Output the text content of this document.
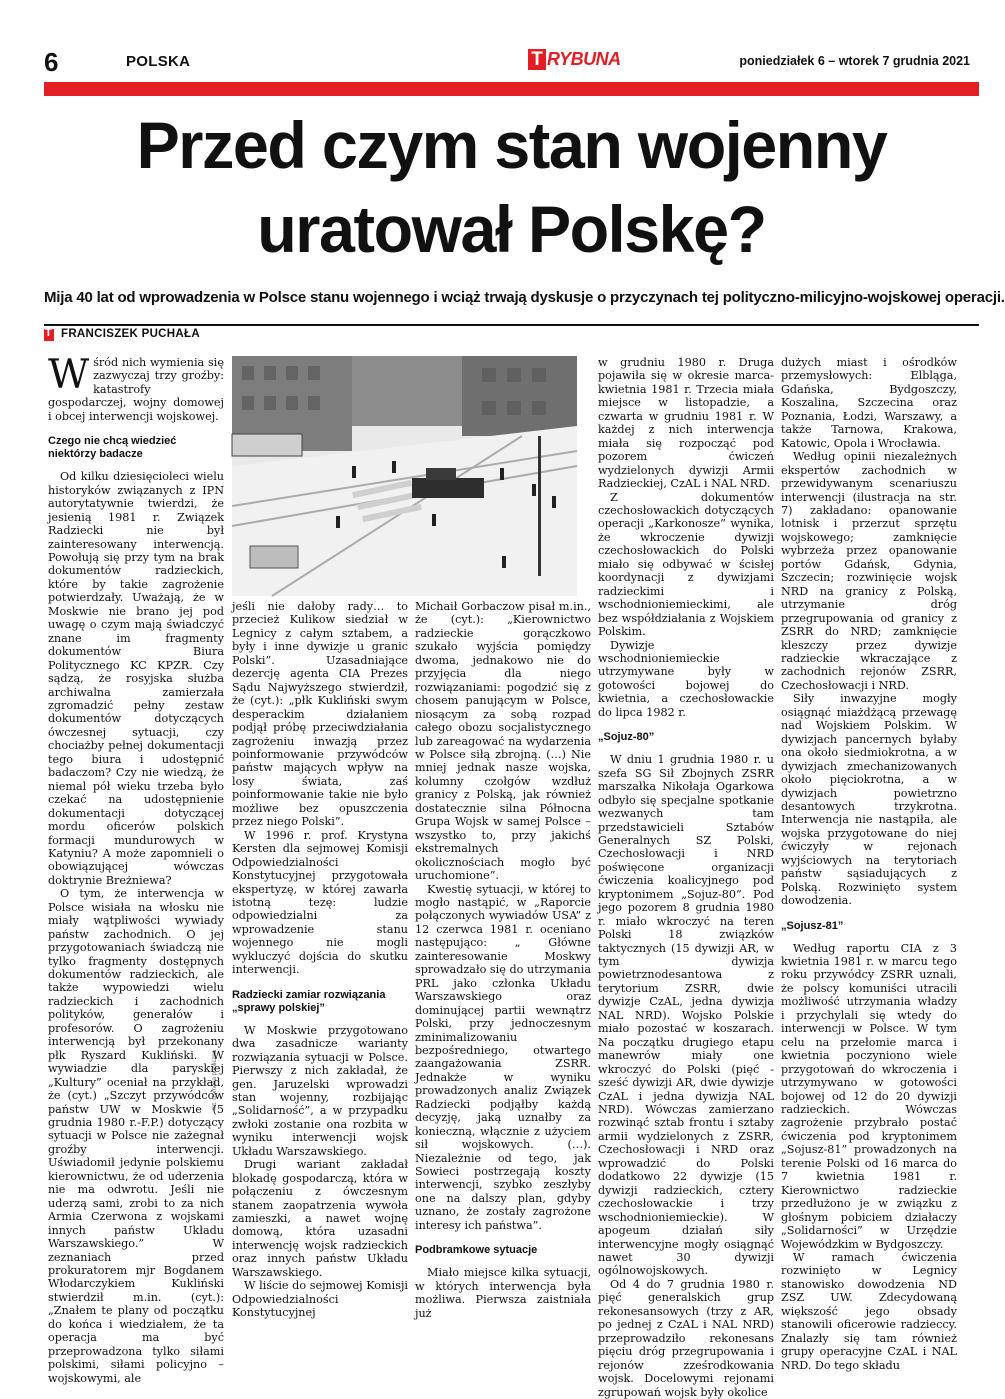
6	POLSKA	T RYBUNA	poniedziałek 6 – wtorek 7 grudnia 2021
Przed czym stan wojenny
uratował Polskę?
Mija 40 lat od wprowadzenia w Polsce stanu wojennego i wciąż trwają dyskusje o przyczynach tej polityczno-milicyjno-wojskowej operacji.
T
FRANCISZEK PUCHAŁA
fot. Domena publiczna

Wśród nich wymienia się zazwyczaj trzy groźby: katastrofy gospodarczej, wojny domowej i obcej interwencji wojskowej.

Czego nie chcą wiedzieć niektórzy badacze

Od kilku dziesięcioleci wielu historyków związanych z IPN autorytatywnie twierdzi, że jesienią 1981 r. Związek Radziecki nie był zainteresowany interwencją. Powołują się przy tym na brak dokumentów radzieckich, które by takie zagrożenie potwierdzały. Uważają, że w Moskwie nie brano jej pod uwagę o czym mają świadczyć znane im fragmenty dokumentów Biura Politycznego KC KPZR. Czy sądzą, że rosyjska służba archiwalna zamierzała zgromadzić pełny zestaw dokumentów dotyczących ówczesnej sytuacji, czy chociażby pełnej dokumentacji tego biura i udostępnić badaczom? Czy nie wiedzą, że niemal pół wieku trzeba było czekać na udostępnienie dokumentacji dotyczącej mordu oficerów polskich formacji mundurowych w Katyniu? A może zapomnieli o obowiązującej wówczas doktrynie Breżniewa?

O tym, że interwencja w Polsce wisiała na włosku nie miały wątpliwości wywiady państw zachodnich. O jej przygotowaniach świadczą nie tylko fragmenty dostępnych dokumentów radzieckich, ale także wypowiedzi wielu radzieckich i zachodnich polityków, generałów i profesorów. O zagrożeniu interwencją był przekonany płk Ryszard Kukliński. W wywiadzie dla paryskiej „Kultury” oceniał na przykład, że (cyt.) „Szczyt przywódców państw UW w Moskwie (5 grudnia 1980 r.-F.P.) dotyczący sytuacji w Polsce nie zażegnał groźby interwencji. Uświadomił jedynie polskiemu kierownictwu, że od uderzenia nie ma odwrotu. Jeśli nie uderzą sami, zrobi to za nich Armia Czerwona z wojskami innych państw Układu Warszawskiego.” W zeznaniach przed prokuratorem mjr Bogdanem Włodarczykiem Kukliński stwierdził m.in. (cyt.): „Znałem te plany od początku do końca i wiedziałem, że ta operacja ma być przeprowadzona tylko siłami polskimi, siłami policyjno – wojskowymi, ale

jeśli nie dałoby rady… to przecież Kulikow siedział w Legnicy z całym sztabem, a były i inne dywizje u granic Polski”. Uzasadniające dezercję agenta CIA Prezes Sądu Najwyższego stwierdził, że (cyt.): „płk Kukliński swym desperackim działaniem podjął próbę przeciwdziałania zagrożeniu inwazją przez poinformowanie przywódców państw mających wpływ na losy świata, zaś poinformowanie takie nie było możliwe bez opuszczenia przez niego Polski”.

W 1996 r. prof. Krystyna Kersten dla sejmowej Komisji Odpowiedzialności Konstytucyjnej przygotowała ekspertyzę, w której zawarła istotną tezę: ludzie odpowiedzialni za wprowadzenie stanu wojennego nie mogli wykluczyć dojścia do skutku interwencji.

Radziecki zamiar rozwiązania „sprawy polskiej”

W Moskwie przygotowano dwa zasadnicze warianty rozwiązania sytuacji w Polsce. Pierwszy z nich zakładał, że gen. Jaruzelski wprowadzi stan wojenny, rozbijając „Solidarność”, a w przypadku zwłoki zostanie ona rozbita w wyniku interwencji wojsk Układu Warszawskiego.

Drugi wariant zakładał blokadę gospodarczą, która w połączeniu z ówczesnym stanem zaopatrzenia wywoła zamieszki, a nawet wojnę domową, która uzasadni interwencję wojsk radzieckich oraz innych państw Układu Warszawskiego.

W liście do sejmowej Komisji Odpowiedzialności Konstytucyjnej

Michaił Gorbaczow pisał m.in., że (cyt.): „Kierownictwo radzieckie gorączkowo szukało wyjścia pomiędzy dwoma, jednakowo nie do przyjęcia dla niego rozwiązaniami: pogodzić się z chosem panującym w Polsce, niosącym za sobą rozpad całego obozu socjalistycznego lub zareagować na wydarzenia w Polsce siłą zbrojną. (…) Nie mniej jednak nasze wojska, kolumny czołgów wzdłuż granicy z Polską, jak również dostatecznie silna Północna Grupa Wojsk w samej Polsce – wszystko to, przy jakichś ekstremalnych okolicznościach mogło być uruchomione”.

Kwestię sytuacji, w której to mogło nastąpić, w „Raporcie połączonych wywiadów USA” z 12 czerwca 1981 r. oceniano następująco: „ Główne zainteresowanie Moskwy sprowadzało się do utrzymania PRL jako członka Układu Warszawskiego oraz dominującej partii wewnątrz Polski, przy jednoczesnym zminimalizowaniu bezpośredniego, otwartego zaangażowania ZSRR. Jednakże w wyniku prowadzonych analiz Związek Radziecki podjąłby każdą decyzję, jaką uznałby za konieczną, włącznie z użyciem sił wojskowych. (…). Niezależnie od tego, jak Sowieci postrzegają koszty interwencji, szybko zeszłyby one na dalszy plan, gdyby uznano, że zostały zagrożone interesy ich państwa”.

Podbramkowe sytuacje

Miało miejsce kilka sytuacji, w których interwencja była możliwa. Pierwsza zaistniała już

w grudniu 1980 r. Druga pojawiła się w okresie marca-kwietnia 1981 r. Trzecia miała miejsce w listopadzie, a czwarta w grudniu 1981 r. W każdej z nich interwencja miała się rozpocząć pod pozorem ćwiczeń wydzielonych dywizji Armii Radzieckiej, CzAL i NAL NRD.

Z dokumentów czechosłowackich dotyczących operacji „Karkonosze” wynika, że wkroczenie dywizji czechosłowackich do Polski miało się odbywać w ścisłej koordynacji z dywizjami radzieckimi i wschodnioniemieckimi, ale bez współdziałania z Wojskiem Polskim.

Dywizje wschodnioniemieckie utrzymywane były w gotowości bojowej do kwietnia, a czechosłowackie do lipca 1982 r.

„Sojuz-80”

W dniu 1 grudnia 1980 r. u szefa SG Sił Zbojnych ZSRR marszałka Nikołaja Ogarkowa odbyło się specjalne spotkanie wezwanych tam przedstawicieli Sztabów Generalnych SZ Polski, Czechosłowacji i NRD poświęcone organizacji ćwiczenia koalicyjnego pod kryptonimem „Sojuz-80”. Pod jego pozorem 8 grudnia 1980 r. miało wkroczyć na teren Polski 18 związków taktycznych (15 dywizji AR, w tym dywizja powietrznodesantowa z terytorium ZSRR, dwie dywizje CzAL, jedna dywizja NAL NRD). Wojsko Polskie miało pozostać w koszarach. Na początku drugiego etapu manewrów miały one wkroczyć do Polski (pięć -sześć dywizji AR, dwie dywizje CzAL i jedna dywizja NAL NRD). Wówczas zamierzano rozwinąć sztab frontu i sztaby armii wydzielonych z ZSRR, Czechosłowacji i NRD oraz wprowadzić do Polski dodatkowo 22 dywizje (15 dywizji radzieckich, cztery czechosłowackie i trzy wschodnioniemieckie). W apogeum działań siły interwencyjne mogły osiągnąć nawet 30 dywizji ogólnowojskowych.

Od 4 do 7 grudnia 1980 r. pięć generalskich grup rekonesansowych (trzy z AR, po jednej z CzAL i NAL NRD) przeprowadziło rekonesans pięciu dróg przegrupowania i rejonów zześrodkowania wojsk. Docelowymi rejonami zgrupowań wojsk były okolice

dużych miast i ośrodków przemysłowych: Elbląga, Gdańska, Bydgoszczy, Koszalina, Szczecina oraz Poznania, Łodzi, Warszawy, a także Tarnowa, Krakowa, Katowic, Opola i Wrocławia.

Według opinii niezależnych ekspertów zachodnich w przewidywanym scenariuszu interwencji (ilustracja na str. 7) zakładano: opanowanie lotnisk i przerzut sprzętu wojskowego; zamknięcie wybrzeża przez opanowanie portów Gdańsk, Gdynia, Szczecin; rozwinięcie wojsk NRD na granicy z Polską, utrzymanie dróg przegrupowania od granicy z ZSRR do NRD; zamknięcie kleszczy przez dywizje radzieckie wkraczające z zachodnich rejonów ZSRR, Czechosłowacji i NRD.

Siły inwazyjne mogły osiągnąć miażdżącą przewagę nad Wojskiem Polskim. W dywizjach pancernych byłaby ona około siedmiokrotna, a w dywizjach zmechanizowanych około pięciokrotna, a w dywizjach powietrzno desantowych trzykrotna. Interwencja nie nastąpiła, ale wojska przygotowane do niej ćwiczyły w rejonach wyjściowych na terytoriach państw sąsiadujących z Polską. Rozwinięto system dowodzenia.

„Sojusz-81”

Według raportu CIA z 3 kwietnia 1981 r. w marcu tego roku przywódcy ZSRR uznali, że polscy komuniści utracili możliwość utrzymania władzy i przychylali się wtedy do interwencji w Polsce. W tym celu na przełomie marca i kwietnia poczyniono wiele przygotowań do wkroczenia i utrzymywano w gotowości bojowej od 12 do 20 dywizji radzieckich. Wówczas zagrożenie przybrało postać ćwiczenia pod kryptonimem „Sojusz-81” prowadzonych na terenie Polski od 16 marca do 7 kwietnia 1981 r. Kierownictwo radzieckie przedłużono je w związku z głośnym pobiciem działaczy „Solidarności” w Urzędzie Wojewódzkim w Bydgoszczy.

W ramach ćwiczenia rozwinięto w Legnicy stanowisko dowodzenia ND ZSZ UW. Zdecydowaną większość jego obsady stanowili oficerowie radzieccy. Znalazły się tam również grupy operacyjne CzAL i NAL NRD. Do tego składu
